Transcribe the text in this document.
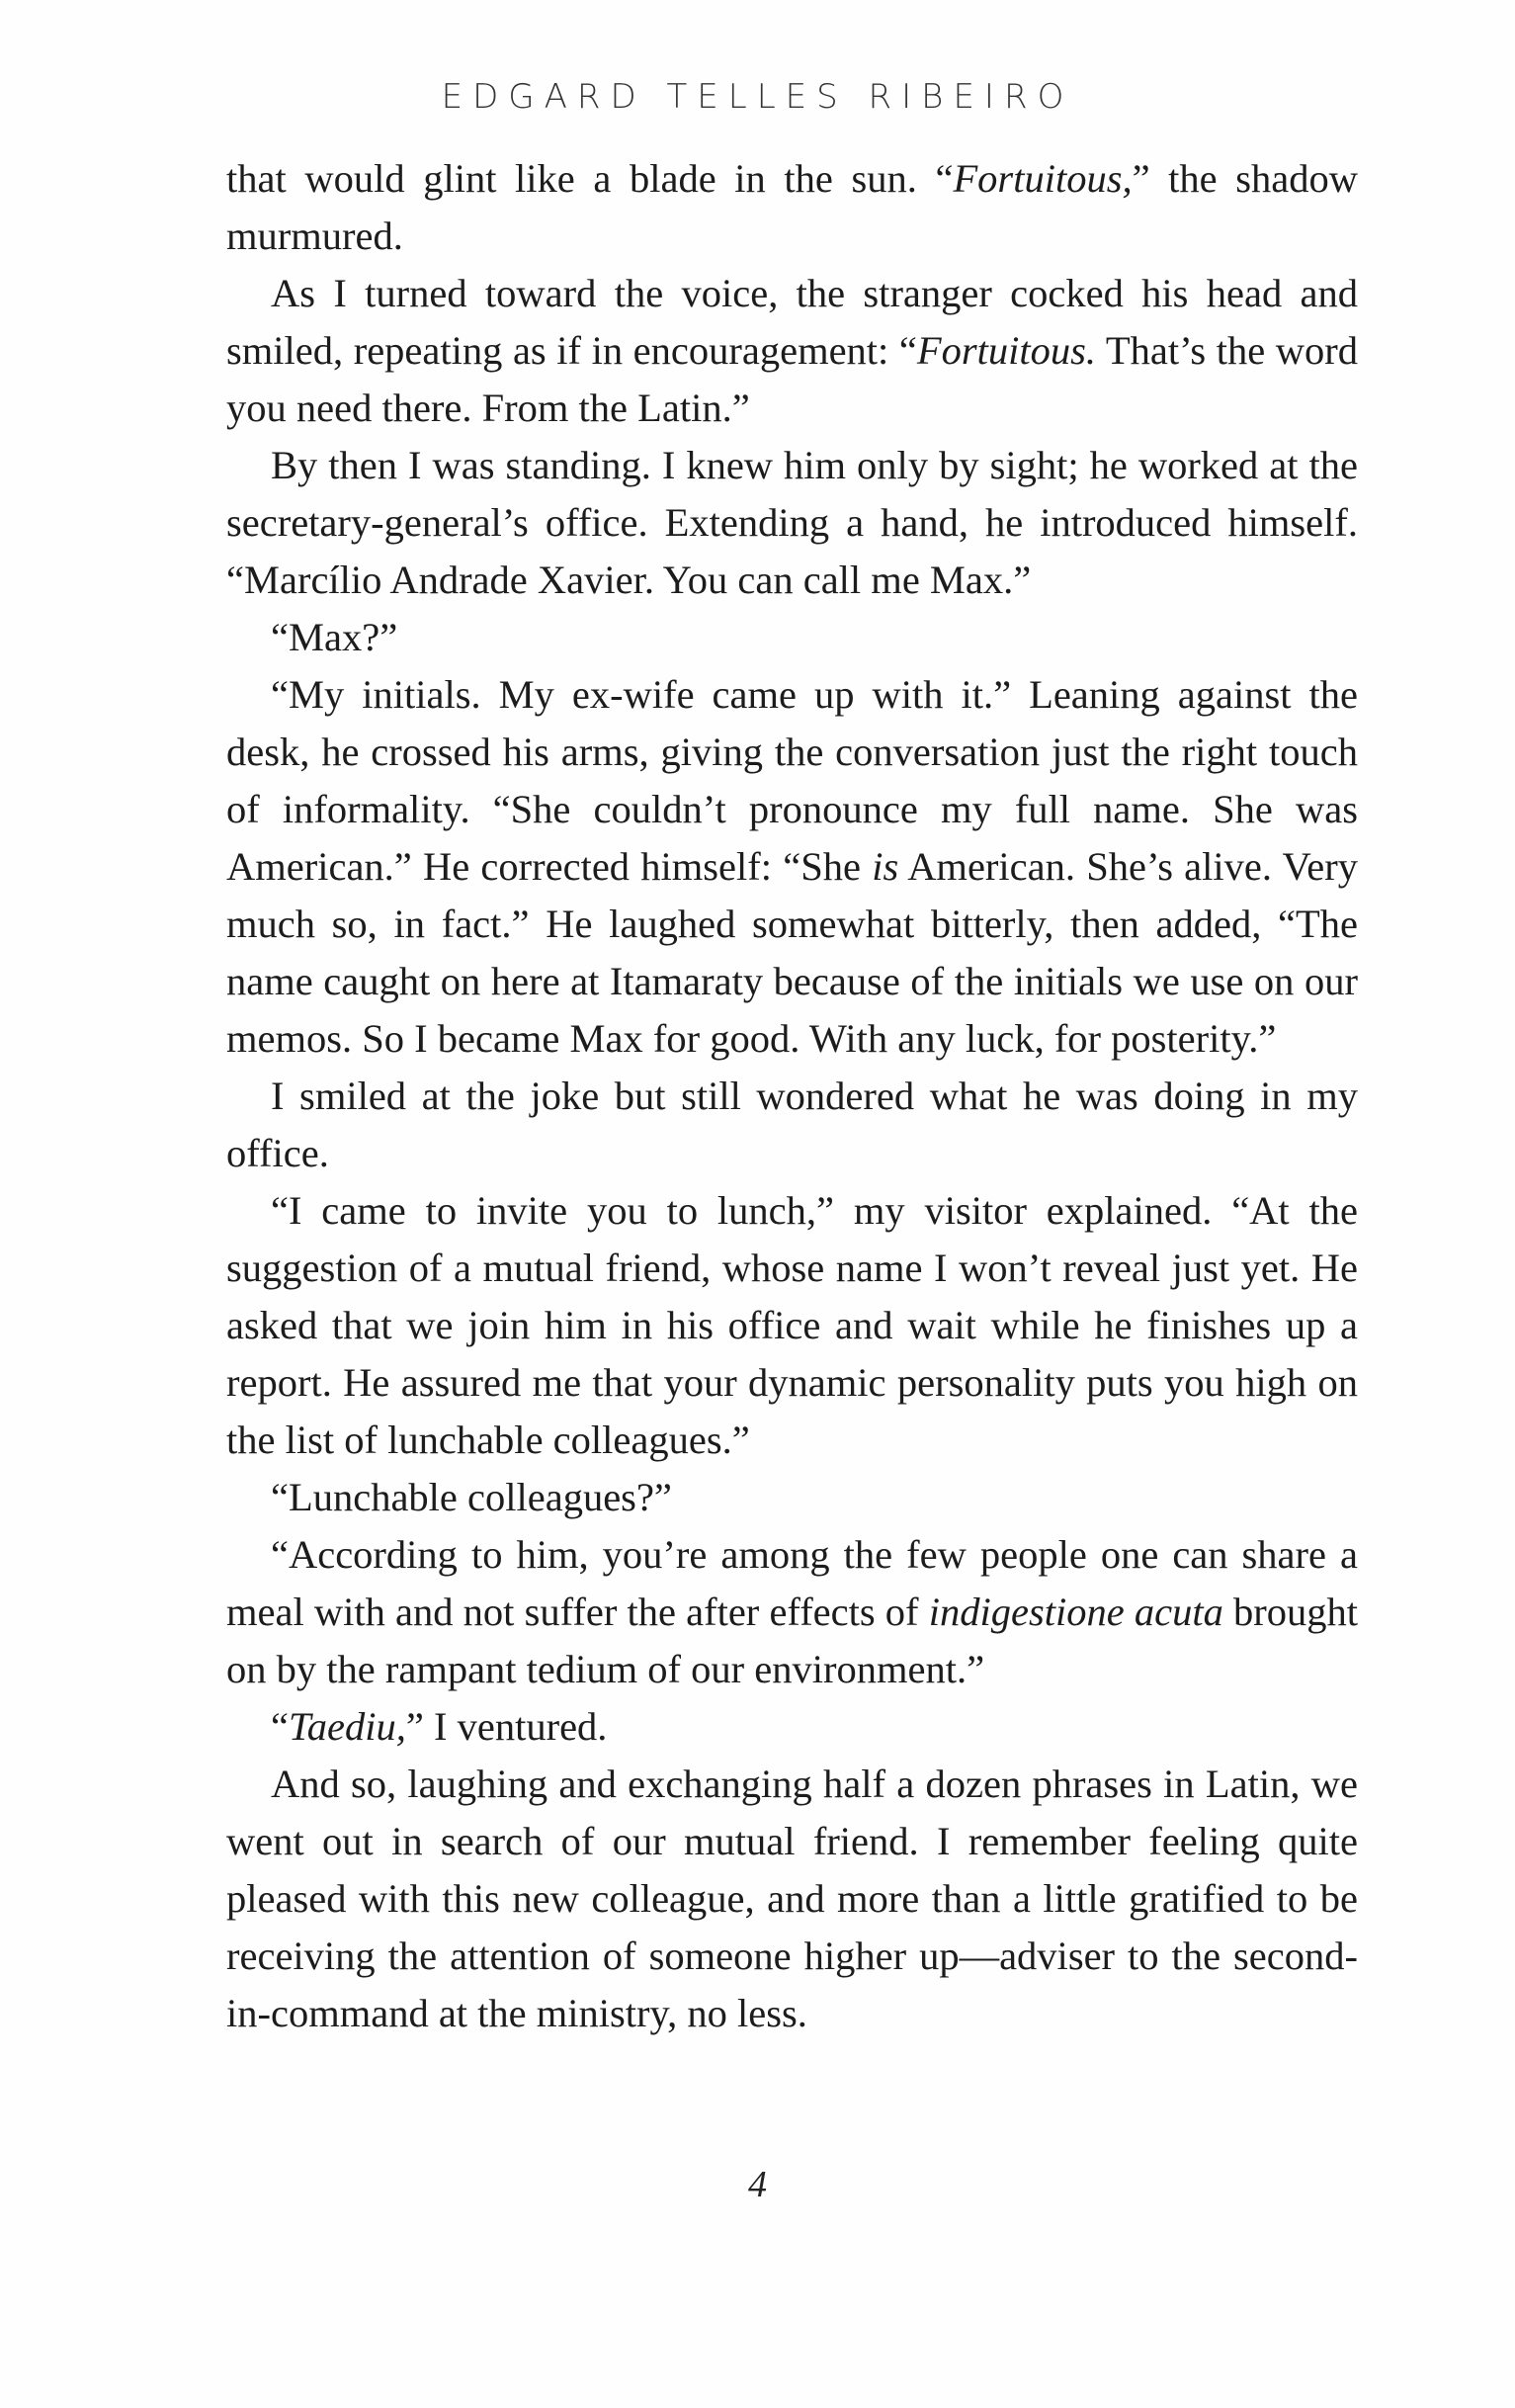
EDGARD TELLES RIBEIRO

that would glint like a blade in the sun. “Fortuitous,” the shadow murmured.

As I turned toward the voice, the stranger cocked his head and smiled, repeating as if in encouragement: “Fortuitous. That’s the word you need there. From the Latin.”

By then I was standing. I knew him only by sight; he worked at the secretary-general’s office. Extending a hand, he introduced himself. “Marcílio Andrade Xavier. You can call me Max.”

“Max?”

“My initials. My ex-wife came up with it.” Leaning against the desk, he crossed his arms, giving the conversation just the right touch of informality. “She couldn’t pronounce my full name. She was American.” He corrected himself: “She is American. She’s alive. Very much so, in fact.” He laughed somewhat bitterly, then added, “The name caught on here at Itamaraty because of the initials we use on our memos. So I became Max for good. With any luck, for posterity.”

I smiled at the joke but still wondered what he was doing in my office.

“I came to invite you to lunch,” my visitor explained. “At the suggestion of a mutual friend, whose name I won’t reveal just yet. He asked that we join him in his office and wait while he finishes up a report. He assured me that your dynamic personality puts you high on the list of lunchable colleagues.”

“Lunchable colleagues?”

“According to him, you’re among the few people one can share a meal with and not suffer the after effects of indigestione acuta brought on by the rampant tedium of our environment.”

“Taediu,” I ventured.

And so, laughing and exchanging half a dozen phrases in Latin, we went out in search of our mutual friend. I remember feeling quite pleased with this new colleague, and more than a little gratified to be receiving the attention of someone higher up—adviser to the second-in-command at the ministry, no less.

4
